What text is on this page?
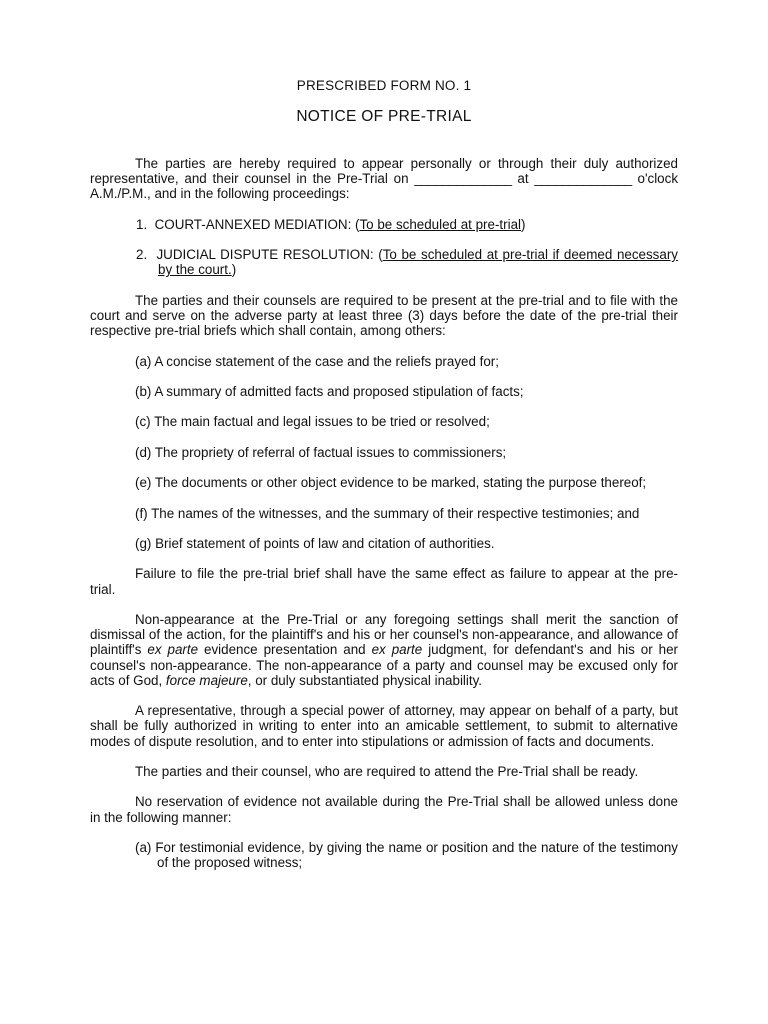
PRESCRIBED FORM NO. 1
NOTICE OF PRE-TRIAL

The parties are hereby required to appear personally or through their duly authorized representative, and their counsel in the Pre-Trial on ______________ at ______________ o'clock A.M./P.M., and in the following proceedings:

1. COURT-ANNEXED MEDIATION: (To be scheduled at pre-trial)

2. JUDICIAL DISPUTE RESOLUTION: (To be scheduled at pre-trial if deemed necessary by the court.)

The parties and their counsels are required to be present at the pre-trial and to file with the court and serve on the adverse party at least three (3) days before the date of the pre-trial their respective pre-trial briefs which shall contain, among others:

(a) A concise statement of the case and the reliefs prayed for;

(b) A summary of admitted facts and proposed stipulation of facts;

(c) The main factual and legal issues to be tried or resolved;

(d) The propriety of referral of factual issues to commissioners;

(e) The documents or other object evidence to be marked, stating the purpose thereof;

(f) The names of the witnesses, and the summary of their respective testimonies; and

(g) Brief statement of points of law and citation of authorities.

Failure to file the pre-trial brief shall have the same effect as failure to appear at the pre-trial.

Non-appearance at the Pre-Trial or any foregoing settings shall merit the sanction of dismissal of the action, for the plaintiff's and his or her counsel's non-appearance, and allowance of plaintiff's ex parte evidence presentation and ex parte judgment, for defendant's and his or her counsel's non-appearance. The non-appearance of a party and counsel may be excused only for acts of God, force majeure, or duly substantiated physical inability.

A representative, through a special power of attorney, may appear on behalf of a party, but shall be fully authorized in writing to enter into an amicable settlement, to submit to alternative modes of dispute resolution, and to enter into stipulations or admission of facts and documents.

The parties and their counsel, who are required to attend the Pre-Trial shall be ready.

No reservation of evidence not available during the Pre-Trial shall be allowed unless done in the following manner:

(a) For testimonial evidence, by giving the name or position and the nature of the testimony of the proposed witness;
